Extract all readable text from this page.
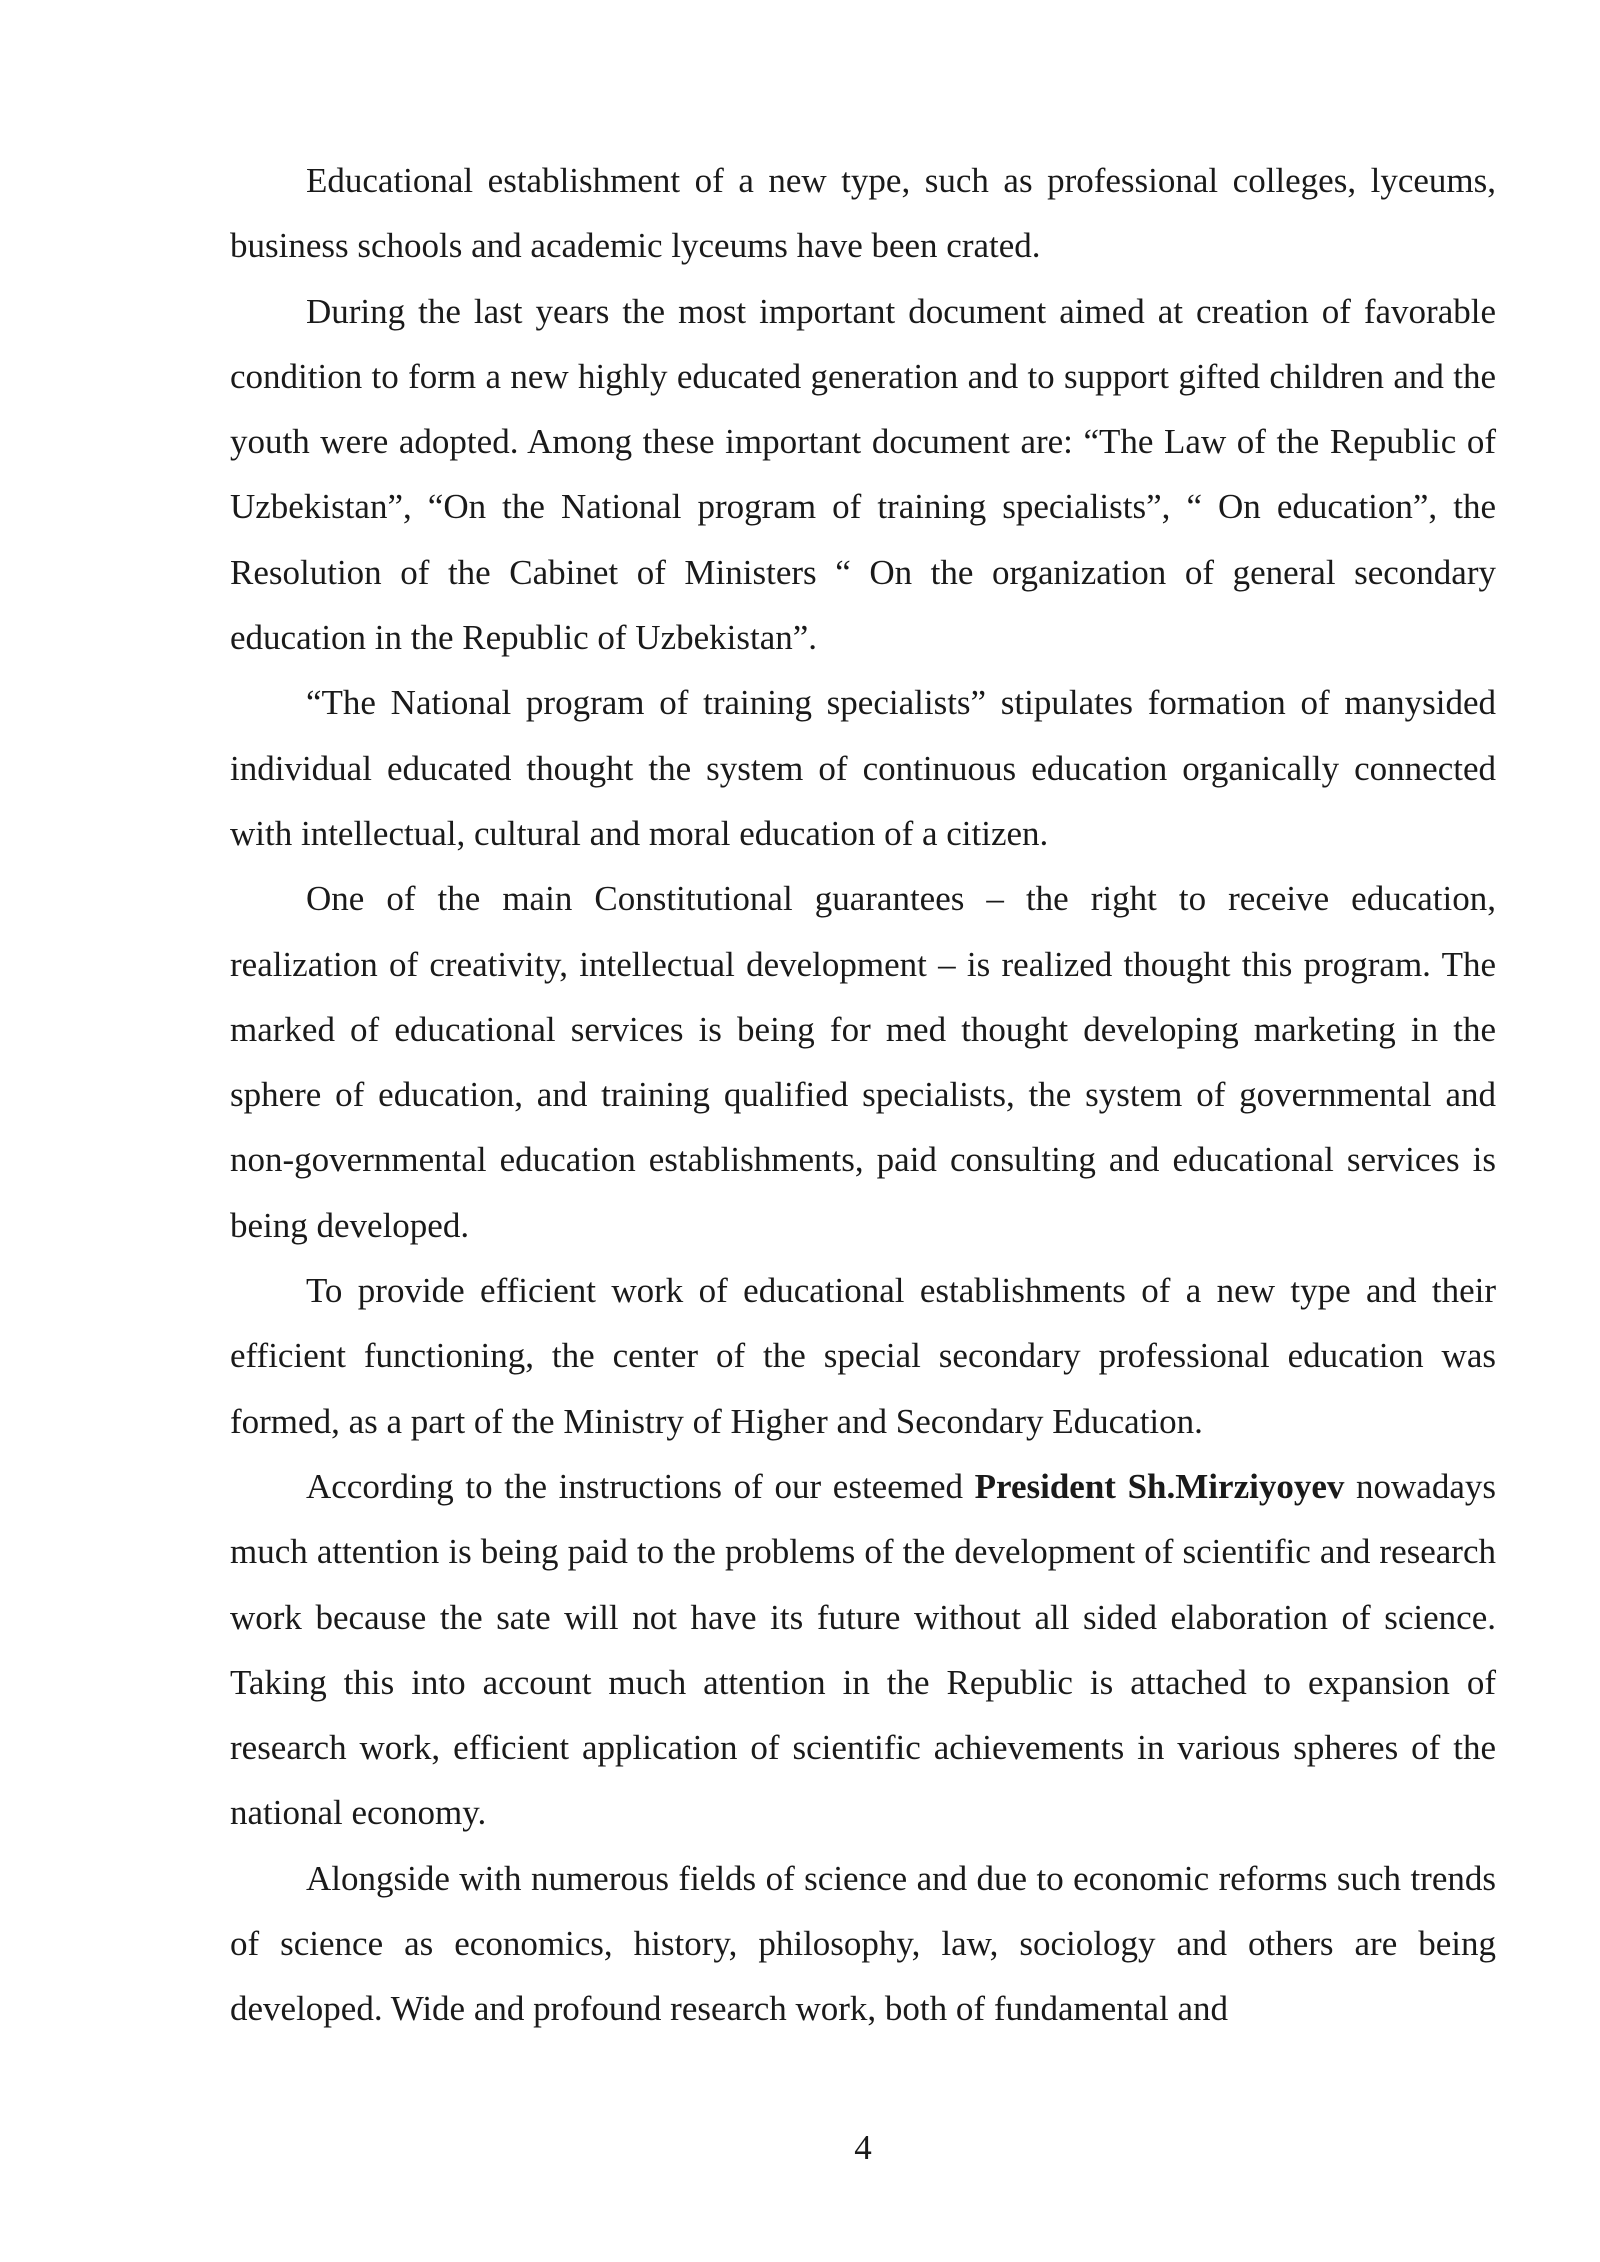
Educational establishment of a new type, such as professional colleges, lyceums, business schools and academic lyceums have been crated.

During the last years the most important document aimed at creation of favorable condition to form a new highly educated generation and to support gifted children and the youth were adopted. Among these important document are: “The Law of the Republic of Uzbekistan”, “On the National program of training specialists”, “ On education”, the Resolution of the Cabinet of Ministers “ On the organization of general secondary education in the Republic of Uzbekistan”.

“The National program of training specialists” stipulates formation of manysided individual educated thought the system of continuous education organically connected with intellectual, cultural and moral education of a citizen.

One of the main Constitutional guarantees – the right to receive education, realization of creativity, intellectual development – is realized thought this program. The marked of educational services is being for med thought developing marketing in the sphere of education, and training qualified specialists, the system of governmental and non-governmental education establishments, paid consulting and educational services is being developed.

To provide efficient work of educational establishments of a new type and their efficient functioning, the center of the special secondary professional education was formed, as a part of the Ministry of Higher and Secondary Education.

According to the instructions of our esteemed President Sh.Mirziyoyev nowadays much attention is being paid to the problems of the development of scientific and research work because the sate will not have its future without all sided elaboration of science. Taking this into account much attention in the Republic is attached to expansion of research work, efficient application of scientific achievements in various spheres of the national economy.

Alongside with numerous fields of science and due to economic reforms such trends of science as economics, history, philosophy, law, sociology and others are being developed. Wide and profound research work, both of fundamental and

4
